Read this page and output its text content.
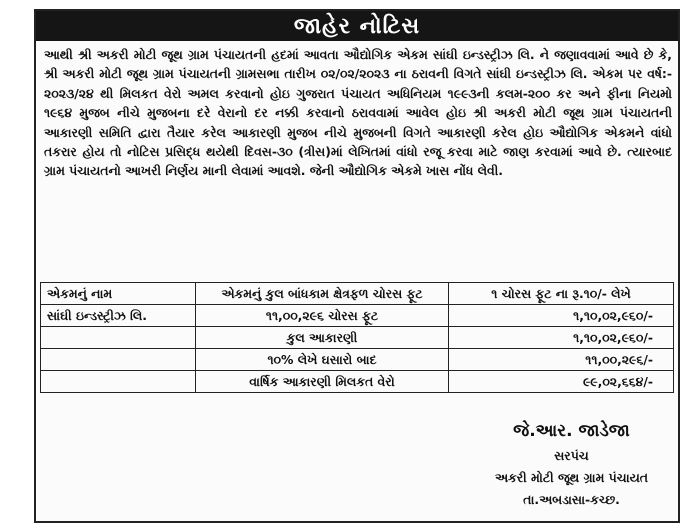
જાહેર નોટિસ
આથી શ્રી અકરી મોટી જૂથ ગ્રામ પંચાયતની હદમાં આવતા ઔદ્યોગિક એકમ સાંઘી ઇન્ડસ્ટ્રીઝ લિ. ને જણાવવામાં આવે છે કે, શ્રી અકરી મોટી જૂથ ગ્રામ પંચાયતની ગ્રામસભા તારીખ ૦૨/૦૨/૨૦૨૩ ના ઠરાવની વિગતે સાંઘી ઇન્ડસ્ટ્રીઝ લિ. એકમ પર વર્ષ:- ૨૦૨૩/૨૪ થી મિલકત વેરો અમલ કરવાનો હોઇ ગુજરાત પંચાયત અધિનિયમ ૧૯૯૩ની કલમ-૨૦૦ કર અને ફીના નિયમો ૧૯૬૪ મુજબ નીચે મુજબના દરે વેરાનો દર નક્કી કરવાનો ઠરાવવામાં આવેલ હોઇ શ્રી અકરી મોટી જૂથ ગ્રામ પંચાયતની આકારણી સમિતિ દ્વારા તૈયાર કરેલ આકારણી મુજબ નીચે મુજબની વિગતે આકારણી કરેલ હોઇ ઔદ્યોગિક એકમને વાંધો તકરાર હોય તો નોટિસ પ્રસિદ્ધ થયેથી દિવસ-૩૦ (ત્રીસ)માં લેખિતમાં વાંધો રજૂ કરવા માટે જાણ કરવામાં આવે છે. ત્યારબાદ ગ્રામ પંચાયતનો આખરી નિર્ણય માની લેવામાં આવશે. જેની ઔદ્યોગિક એકમે ખાસ નોંધ લેવી.
એકમનું નામ	એકમનું કુલ બાંધકામ ક્ષેત્રફળ ચોરસ ફૂટ	૧ ચોરસ ફૂટ ના રૂ.૧૦/- લેખે
સાંઘી ઇન્ડસ્ટ્રીઝ લિ.	૧૧,૦૦,૨૯૬ ચોરસ ફૂટ	૧,૧૦,૦૨,૯૬૦/-
	કુલ આકારણી	૧,૧૦,૦૨,૯૬૦/-
	૧૦% લેખે ઘસારો બાદ	૧૧,૦૦,૨૯૬/-
	વાર્ષિક આકારણી મિલકત વેરો	૯૯,૦૨,૬૬૪/-
જે.આર. જાડેજા
સરપંચ
અકરી મોટી જૂથ ગ્રામ પંચાયત
તા.અબડાસા-કચ્છ.
